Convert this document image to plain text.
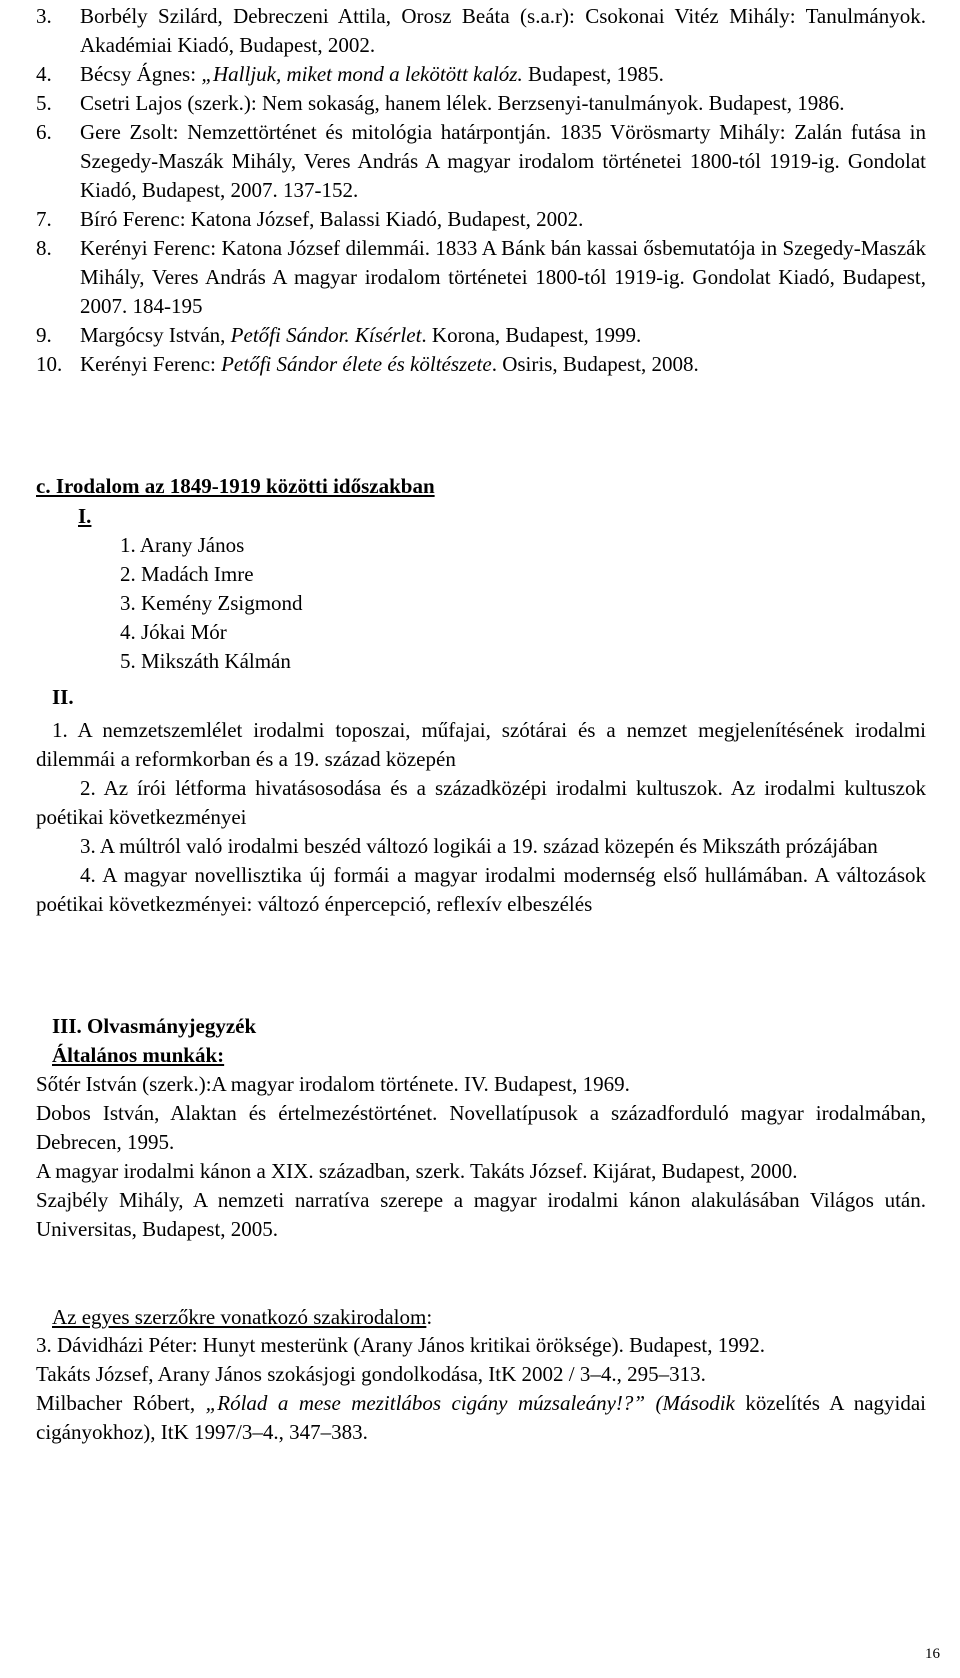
3.	Borbély Szilárd, Debreczeni Attila, Orosz Beáta (s.a.r): Csokonai Vitéz Mihály: Tanulmányok. Akadémiai Kiadó, Budapest, 2002.
4.	Bécsy Ágnes: „Halljuk, miket mond a lekötött kalóz. Budapest, 1985.
5.	Csetri Lajos (szerk.): Nem sokaság, hanem lélek. Berzsenyi-tanulmányok. Budapest, 1986.
6.	Gere Zsolt: Nemzettörténet és mitológia határpontján. 1835 Vörösmarty Mihály: Zalán futása in Szegedy-Maszák Mihály, Veres András A magyar irodalom történetei 1800-tól 1919-ig. Gondolat Kiadó, Budapest, 2007. 137-152.
7.	Bíró Ferenc: Katona József, Balassi Kiadó, Budapest, 2002.
8.	Kerényi Ferenc: Katona József dilemmái. 1833 A Bánk bán kassai ősbemutatója in Szegedy-Maszák Mihály, Veres András A magyar irodalom történetei 1800-tól 1919-ig. Gondolat Kiadó, Budapest, 2007. 184-195
9.	Margócsy István, Petőfi Sándor. Kísérlet. Korona, Budapest, 1999.
10. Kerényi Ferenc: Petőfi Sándor élete és költészete. Osiris, Budapest, 2008.
c. Irodalom az 1849-1919 közötti időszakban
I.
1. Arany János
2. Madách Imre
3. Kemény Zsigmond
4. Jókai Mór
5. Mikszáth Kálmán
II.

1. A nemzetszemlélet irodalmi toposzai, műfajai, szótárai és a nemzet megjelenítésének irodalmi dilemmái a reformkorban és a 19. század közepén

2. Az írói létforma hivatásosodása és a századközépi irodalmi kultuszok. Az irodalmi kultuszok poétikai következményei

3. A múltról való irodalmi beszéd változó logikái a 19. század közepén és Mikszáth prózájában

4. A magyar novellisztika új formái a magyar irodalmi modernség első hullámában. A változások poétikai következményei: változó énpercepció, reflexív elbeszélés

III. Olvasmányjegyzék
Általános munkák:

Sőtér István (szerk.):A magyar irodalom története. IV. Budapest, 1969.

Dobos István, Alaktan és értelmezéstörténet. Novellatípusok a századforduló magyar irodalmában, Debrecen, 1995.

A magyar irodalmi kánon a XIX. században, szerk. Takáts József. Kijárat, Budapest, 2000.

Szajbély Mihály, A nemzeti narratíva szerepe a magyar irodalmi kánon alakulásában Világos után. Universitas, Budapest, 2005.

Az egyes szerzőkre vonatkozó szakirodalom:

3. Dávidházi Péter: Hunyt mesterünk (Arany János kritikai öröksége). Budapest, 1992.

Takáts József, Arany János szokásjogi gondolkodása, ItK 2002 / 3–4., 295–313.

Milbacher Róbert, „Rólad a mese mezitlábos cigány múzsaleány!?” (Második közelítés A nagyidai cigányokhoz), ItK 1997/3–4., 347–383.

16
